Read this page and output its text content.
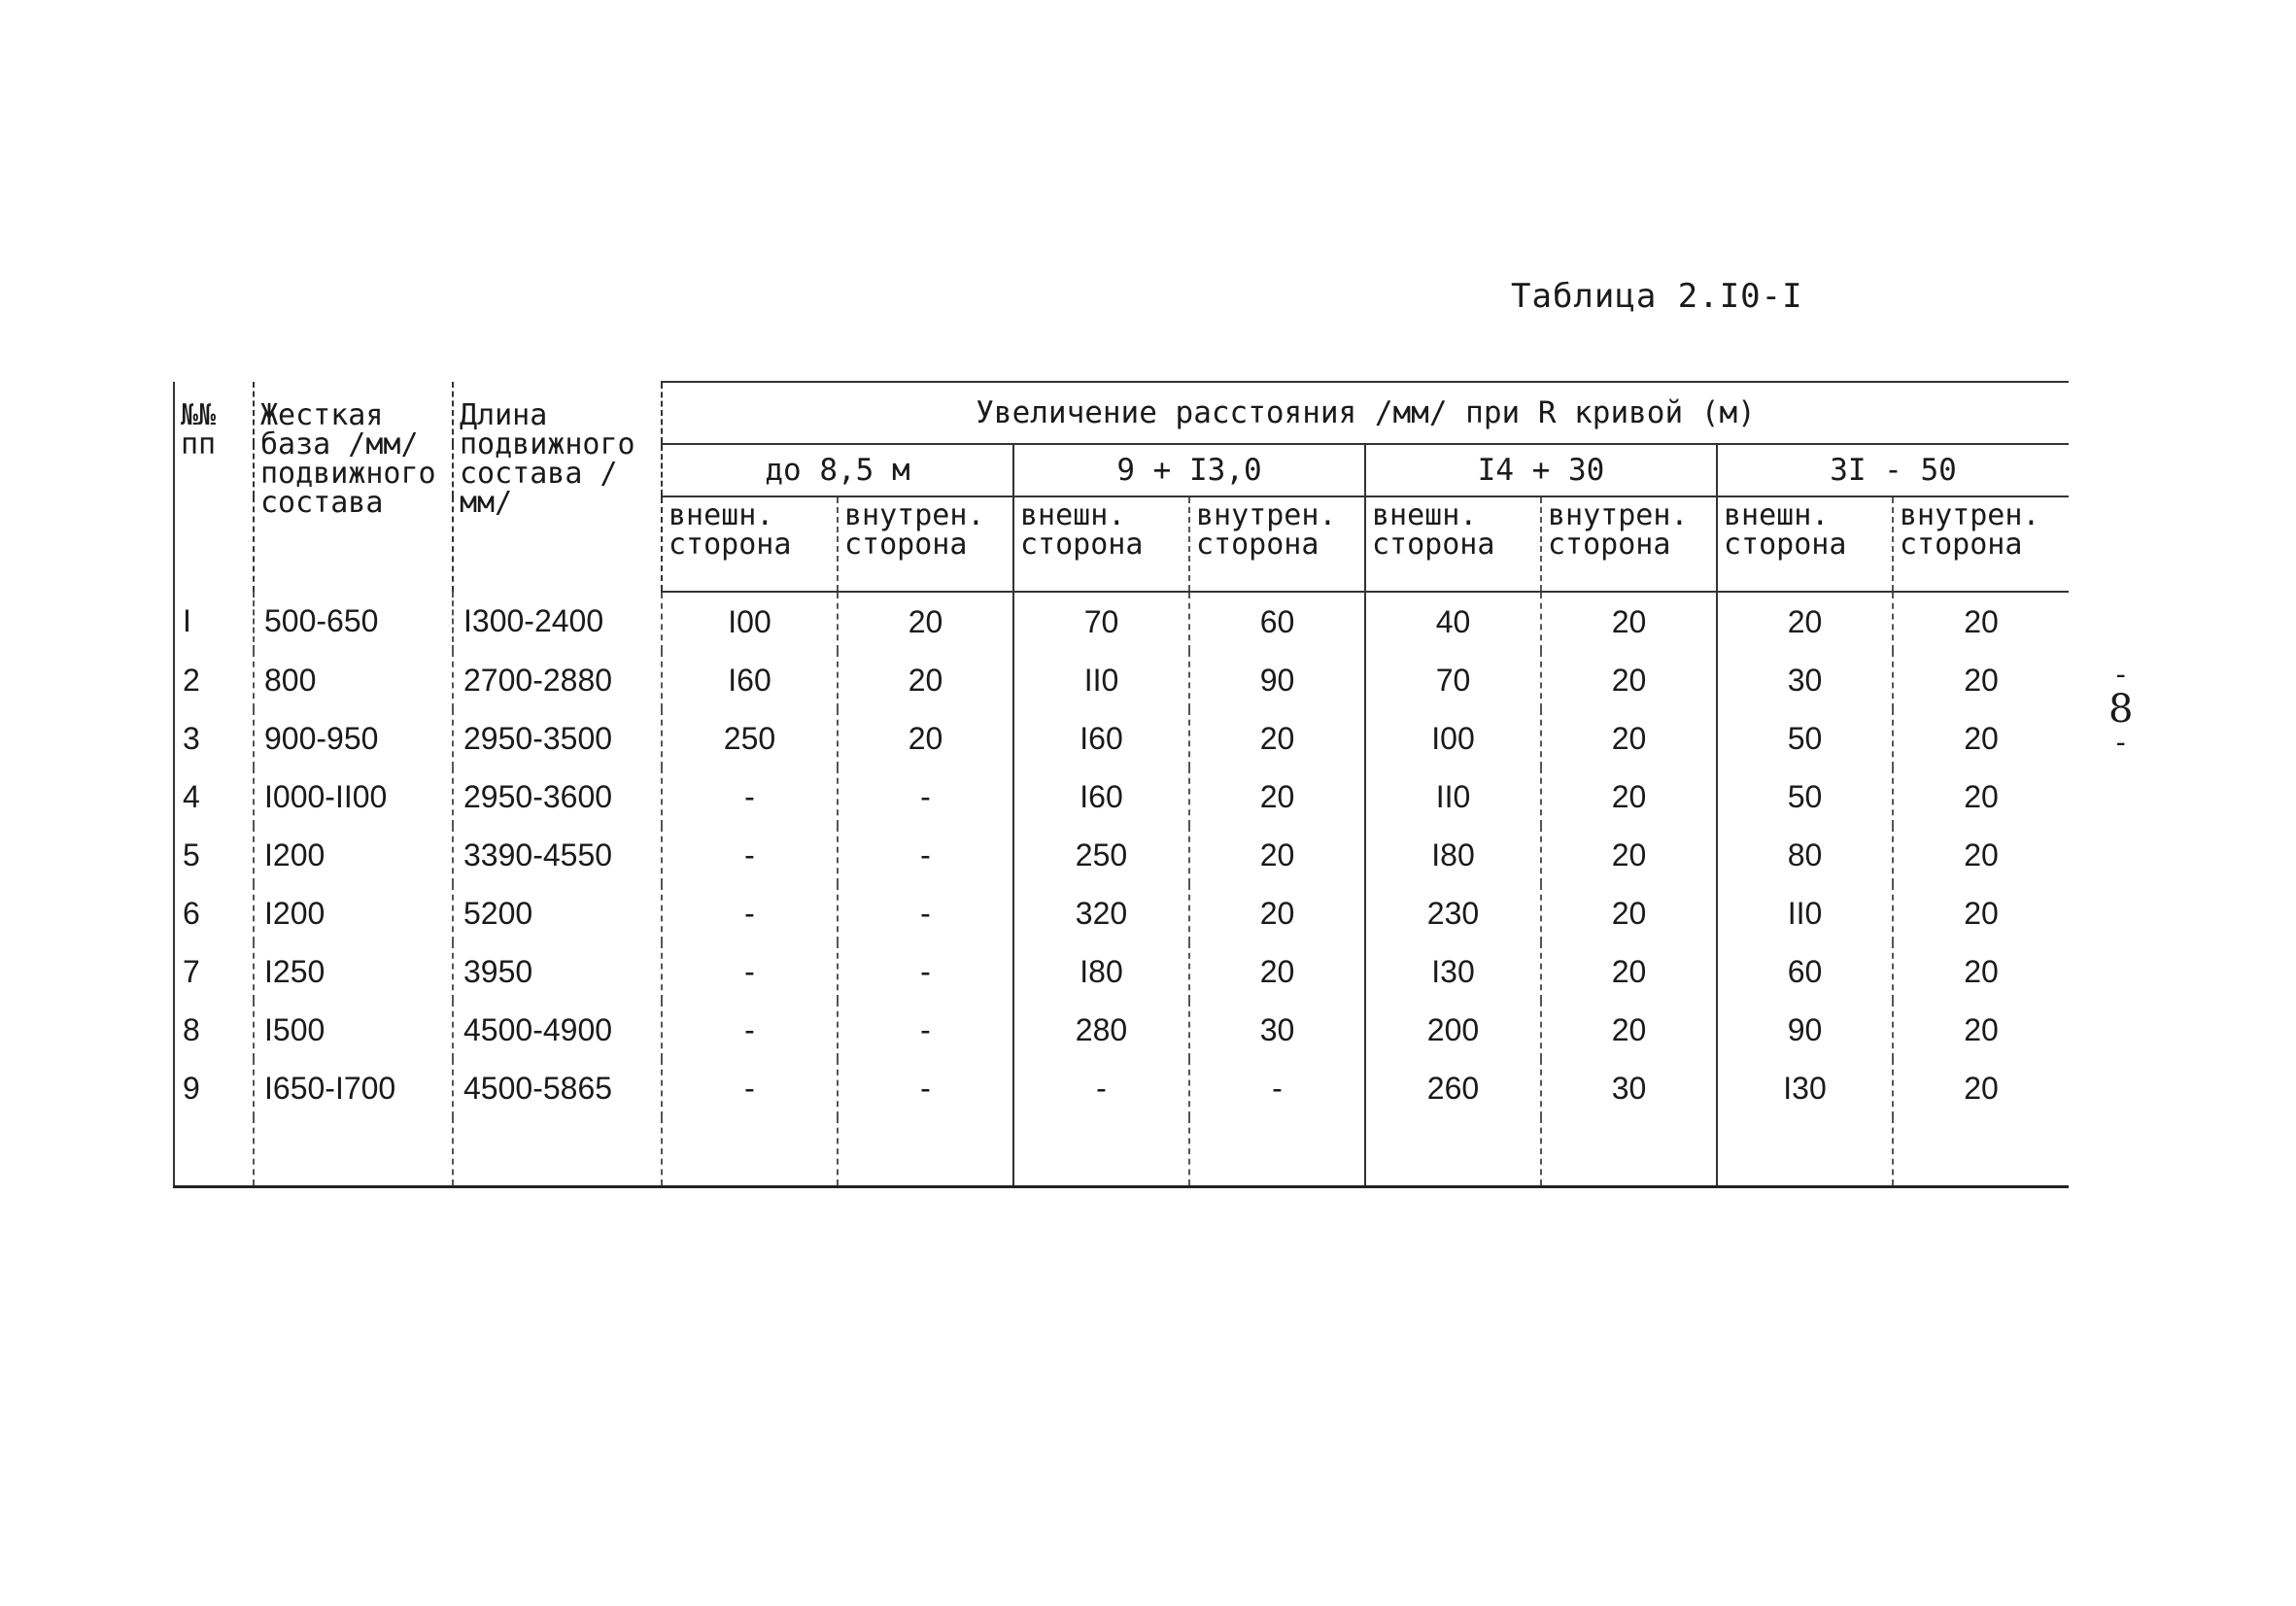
Таблица 2.I0-I
-
8
-
№№ пп	Жесткая база /мм/ подвижного состава	Длина подвижного состава /мм/	Увеличение расстояния /мм/ при R кривой (м)							
			до 8,5 м		9 + I3,0		I4 + 30		3I - 50	
			внешн. сторона	внутрен. сторона	внешн. сторона	внутрен. сторона	внешн. сторона	внутрен. сторона	внешн. сторона	внутрен. сторона
I	500-650	I300-2400	I00	20	70	60	40	20	20	20
2	800	2700-2880	I60	20	II0	90	70	20	30	20
3	900-950	2950-3500	250	20	I60	20	I00	20	50	20
4	I000-II00	2950-3600	-	-	I60	20	II0	20	50	20
5	I200	3390-4550	-	-	250	20	I80	20	80	20
6	I200	5200	-	-	320	20	230	20	II0	20
7	I250	3950	-	-	I80	20	I30	20	60	20
8	I500	4500-4900	-	-	280	30	200	20	90	20
9	I650-I700	4500-5865	-	-	-	-	260	30	I30	20
